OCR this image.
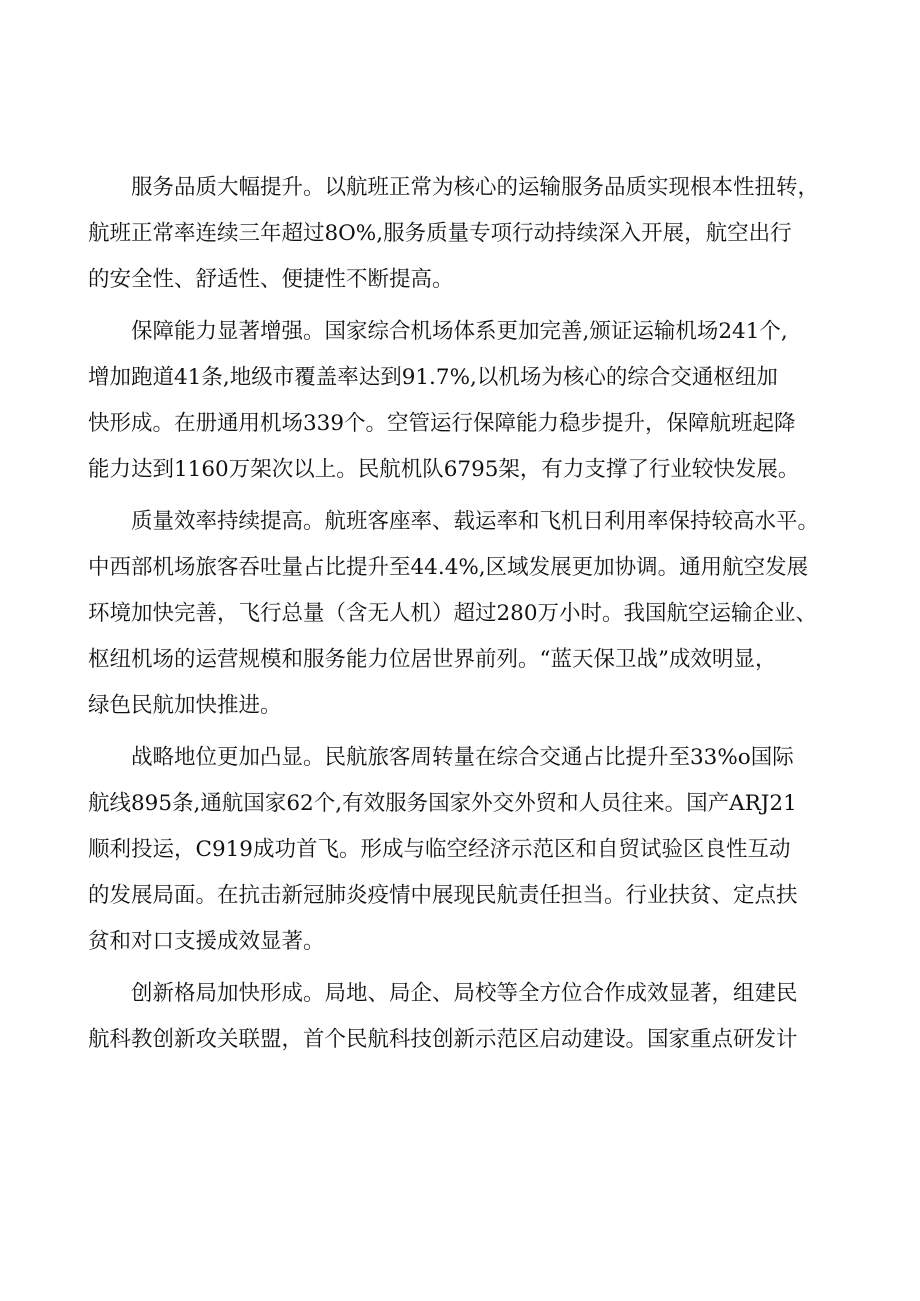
服务品质大幅提升。以航班正常为核心的运输服务品质实现根本性扭转，
航班正常率连续三年超过8O%,服务质量专项行动持续深入开展，航空出行
的安全性、舒适性、便捷性不断提高。
保障能力显著增强。国家综合机场体系更加完善,颁证运输机场241个,
增加跑道41条,地级市覆盖率达到91.7%,以机场为核心的综合交通枢纽加
快形成。在册通用机场339个。空管运行保障能力稳步提升，保障航班起降
能力达到1160万架次以上。民航机队6795架，有力支撑了行业较快发展。
质量效率持续提高。航班客座率、载运率和飞机日利用率保持较高水平。
中西部机场旅客吞吐量占比提升至44.4%,区域发展更加协调。通用航空发展
环境加快完善，飞行总量（含无人机）超过280万小时。我国航空运输企业、
枢纽机场的运营规模和服务能力位居世界前列。“蓝天保卫战”成效明显，
绿色民航加快推进。
战略地位更加凸显。民航旅客周转量在综合交通占比提升至33%o国际
航线895条,通航国家62个,有效服务国家外交外贸和人员往来。国产ARJ21
顺利投运，C919成功首飞。形成与临空经济示范区和自贸试验区良性互动
的发展局面。在抗击新冠肺炎疫情中展现民航责任担当。行业扶贫、定点扶
贫和对口支援成效显著。
创新格局加快形成。局地、局企、局校等全方位合作成效显著，组建民
航科教创新攻关联盟，首个民航科技创新示范区启动建设。国家重点研发计
